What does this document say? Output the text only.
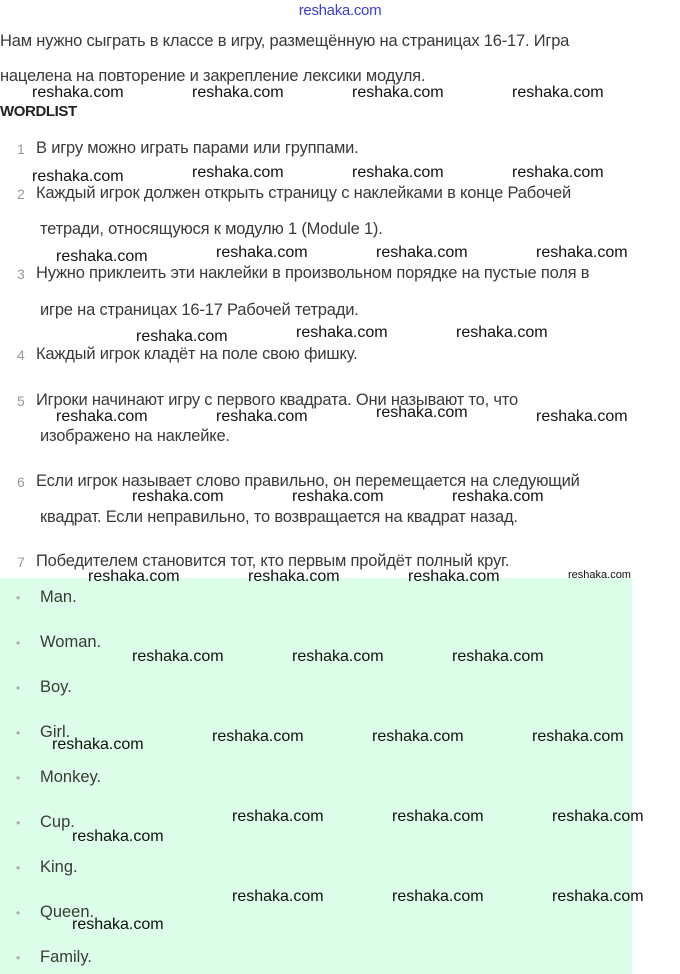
reshaka.com
Нам нужно сыграть в классе в игру, размещённую на страницах 16-17. Игра
нацелена на повторение и закрепление лексики модуля.
WORDLIST
1 В игру можно играть парами или группами.
2 Каждый игрок должен открыть страницу с наклейками в конце Рабочей
тетради, относящуюся к модулю 1 (Module 1).
3 Нужно приклеить эти наклейки в произвольном порядке на пустые поля в
игре на страницах 16-17 Рабочей тетради.
4 Каждый игрок кладёт на поле свою фишку.
5 Игроки начинают игру с первого квадрата. Они называют то, что
изображено на наклейке.
6 Если игрок называет слово правильно, он перемещается на следующий
квадрат. Если неправильно, то возвращается на квадрат назад.
7 Победителем становится тот, кто первым пройдёт полный круг.
• Man.
• Woman.
• Boy.
• Girl.
• Monkey.
• Cup.
• King.
• Queen.
• Family.
reshaka.com	reshaka.com	reshaka.com	reshaka.com
reshaka.com	reshaka.com	reshaka.com	reshaka.com
reshaka.com	reshaka.com	reshaka.com	reshaka.com
reshaka.com	reshaka.com	reshaka.com
reshaka.com	reshaka.com	reshaka.com	reshaka.com
reshaka.com	reshaka.com	reshaka.com
reshaka.com	reshaka.com	reshaka.com	reshaka.com
reshaka.com	reshaka.com	reshaka.com
reshaka.com	reshaka.com	reshaka.com	reshaka.com
reshaka.com
reshaka.com	reshaka.com	reshaka.com
reshaka.com
reshaka.com	reshaka.com	reshaka.com
